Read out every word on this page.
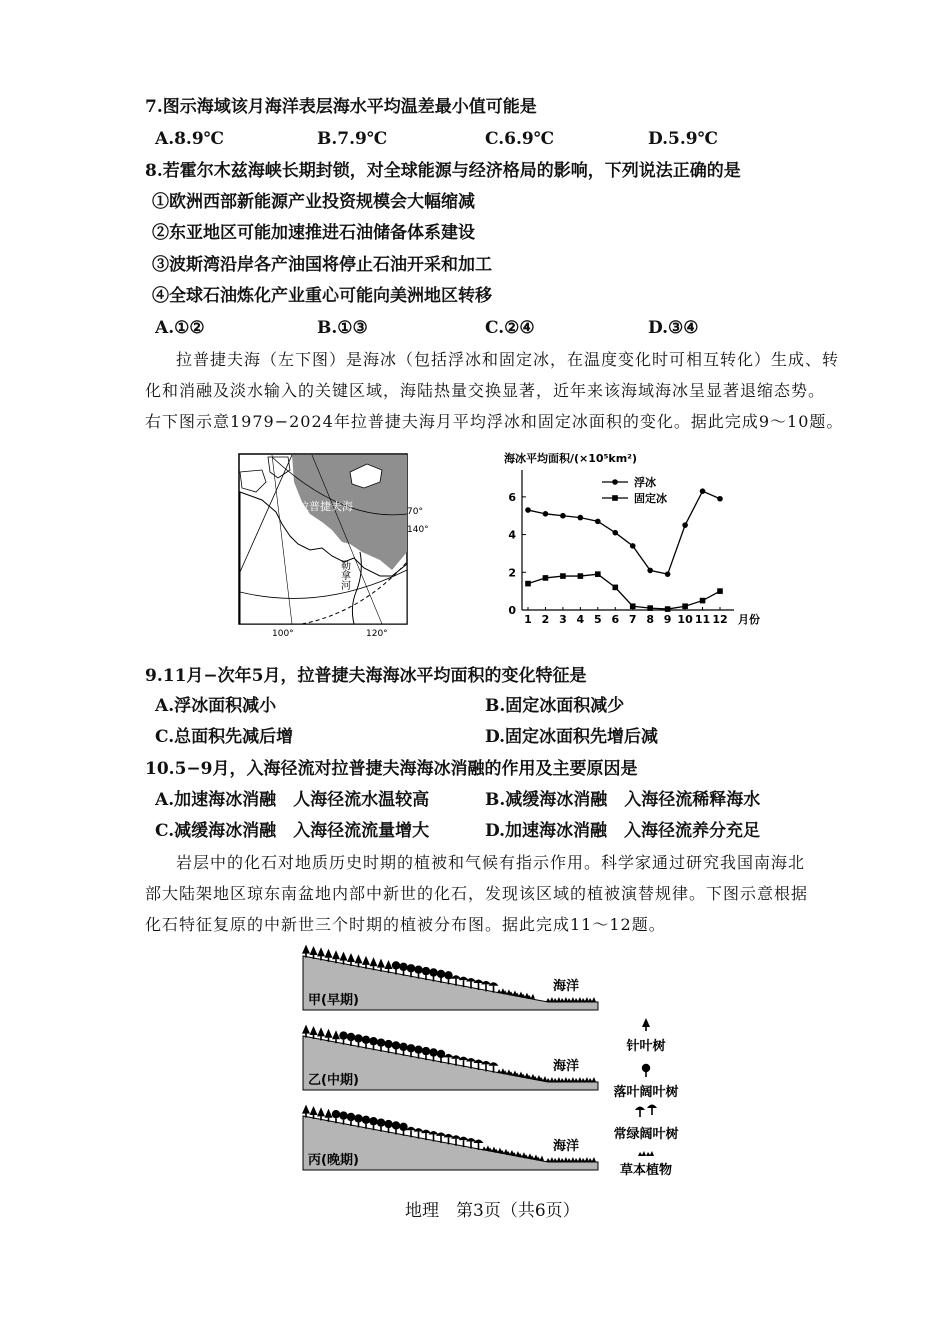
7.图示海域该月海洋表层海水平均温差最小值可能是
A.8.9℃	B.7.9℃	C.6.9℃	D.5.9℃
8.若霍尔木兹海峡长期封锁，对全球能源与经济格局的影响，下列说法正确的是
①欧洲西部新能源产业投资规模会大幅缩减
②东亚地区可能加速推进石油储备体系建设
③波斯湾沿岸各产油国将停止石油开采和加工
④全球石油炼化产业重心可能向美洲地区转移
A.①②	B.①③	C.②④	D.③④
拉普捷夫海（左下图）是海冰（包括浮冰和固定冰，在温度变化时可相互转化）生成、转
化和消融及淡水输入的关键区域，海陆热量交换显著，近年来该海域海冰呈显著退缩态势。
右下图示意1979−2024年拉普捷夫海月平均浮冰和固定冰面积的变化。据此完成9～10题。
拉普捷夫海
勒拿河
70°
140°
100°	120°
海冰平均面积/(×10⁵km²)
0
2
4
6
1 2 3 4 5 6 7 8 9 10 11 12 月份
浮冰
固定冰
9.11月−次年5月，拉普捷夫海海冰平均面积的变化特征是
A.浮冰面积减小	B.固定冰面积减少
C.总面积先减后增	D.固定冰面积先增后减
10.5−9月，入海径流对拉普捷夫海海冰消融的作用及主要原因是
A.加速海冰消融　人海径流水温较高	B.减缓海冰消融　入海径流稀释海水
C.减缓海冰消融　入海径流流量增大	D.加速海冰消融　入海径流养分充足
岩层中的化石对地质历史时期的植被和气候有指示作用。科学家通过研究我国南海北
部大陆架地区琼东南盆地内部中新世的化石，发现该区域的植被演替规律。下图示意根据
化石特征复原的中新世三个时期的植被分布图。据此完成11～12题。
甲(早期)
海洋
乙(中期)
海洋
丙(晚期)
海洋
针叶树
落叶阔叶树
常绿阔叶树
草本植物
地理　第3页（共6页）
